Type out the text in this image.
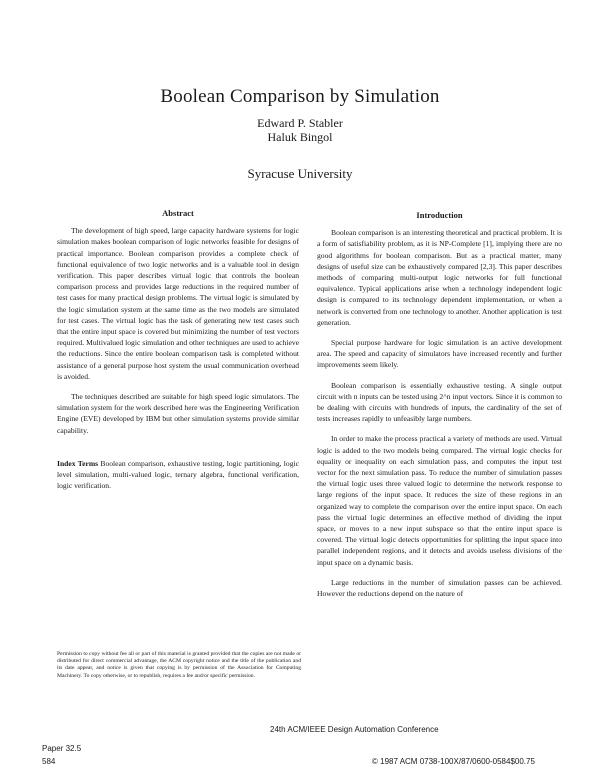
Boolean Comparison by Simulation
Edward P. Stabler
Haluk Bingol
Syracuse University
Abstract

The development of high speed, large capacity hardware systems for logic simulation makes boolean comparison of logic networks feasible for designs of practical importance. Boolean comparison provides a complete check of functional equivalence of two logic networks and is a valuable tool in design verification. This paper describes virtual logic that controls the boolean comparison process and provides large reductions in the required number of test cases for many practical design problems. The virtual logic is simulated by the logic simulation system at the same time as the two models are simulated for test cases. The virtual logic has the task of generating new test cases such that the entire input space is covered but minimizing the number of test vectors required. Multivalued logic simulation and other techniques are used to achieve the reductions. Since the entire boolean comparison task is completed without assistance of a general purpose host system the usual communication overhead is avoided.

The techniques described are suitable for high speed logic simulators. The simulation system for the work described here was the Engineering Verification Engine (EVE) developed by IBM but other simulation systems provide similar capability.

Index Terms Boolean comparison, exhaustive testing, logic partitioning, logic level simulation, multi-valued logic, ternary algebra, functional verification, logic verification.

Permission to copy without fee all or part of this material is granted provided that the copies are not made or distributed for direct commercial advantage, the ACM copyright notice and the title of the publication and its date appear, and notice is given that copying is by permission of the Association for Computing Machinery. To copy otherwise, or to republish, requires a fee and/or specific permission.
Introduction

Boolean comparison is an interesting theoretical and practical problem. It is a form of satisfiability problem, as it is NP-Complete [1], implying there are no good algorithms for boolean comparison. But as a practical matter, many designs of useful size can be exhaustively compared [2,3]. This paper describes methods of comparing multi-output logic networks for full functional equivalence. Typical applications arise when a technology independent logic design is compared to its technology dependent implementation, or when a network is converted from one technology to another. Another application is test generation.

Special purpose hardware for logic simulation is an active development area. The speed and capacity of simulators have increased recently and further improvements seem likely.

Boolean comparison is essentially exhaustive testing. A single output circuit with n inputs can be tested using 2^n input vectors. Since it is common to be dealing with circuits with hundreds of inputs, the cardinality of the set of tests increases rapidly to unfeasibly large numbers.

In order to make the process practical a variety of methods are used. Virtual logic is added to the two models being compared. The virtual logic checks for equality or inequality on each simulation pass, and computes the input test vector for the next simulation pass. To reduce the number of simulation passes the virtual logic uses three valued logic to determine the network response to large regions of the input space. It reduces the size of these regions in an organized way to complete the comparison over the entire input space. On each pass the virtual logic determines an effective method of dividing the input space, or moves to a new input subspace so that the entire input space is covered. The virtual logic detects opportunities for splitting the input space into parallel independent regions, and it detects and avoids useless divisions of the input space on a dynamic basis.

Large reductions in the number of simulation passes can be achieved. However the reductions depend on the nature of

24th ACM/IEEE Design Automation Conference
Paper 32.5
584	© 1987 ACM 0738-100X/87/0600-0584$00.75
